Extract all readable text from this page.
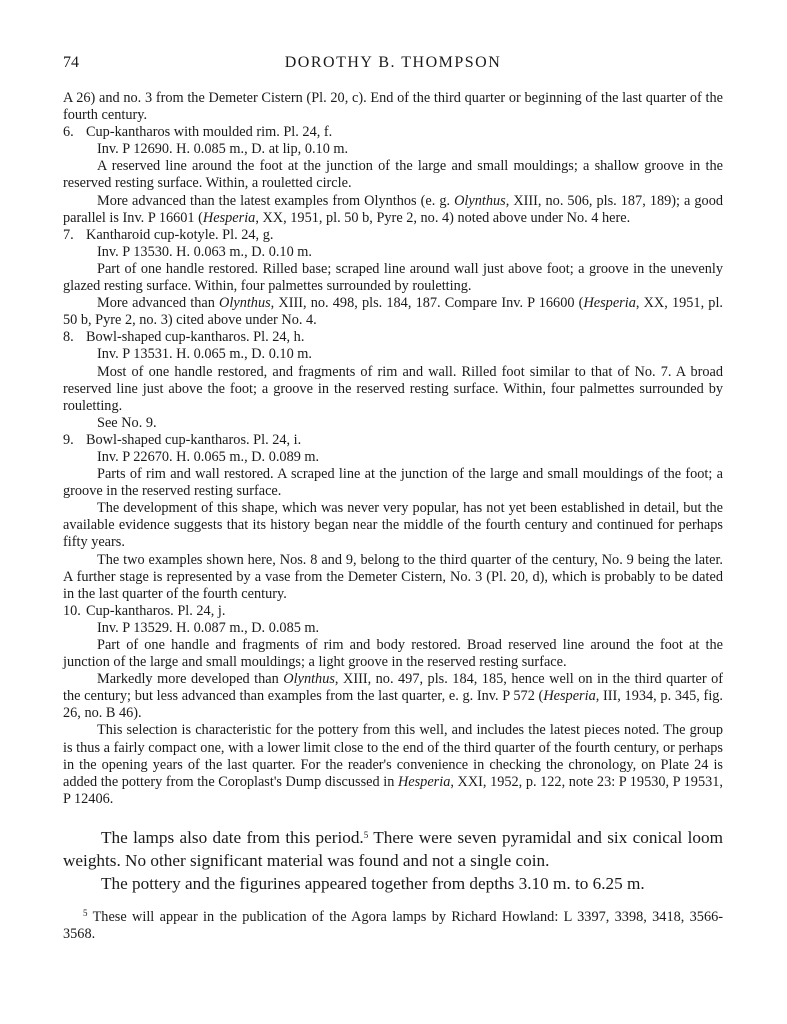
74	DOROTHY B. THOMPSON

A 26) and no. 3 from the Demeter Cistern (Pl. 20, c). End of the third quarter or beginning of the last quarter of the fourth century.

6. Cup-kantharos with moulded rim. Pl. 24, f.

Inv. P 12690. H. 0.085 m., D. at lip, 0.10 m.

A reserved line around the foot at the junction of the large and small mouldings; a shallow groove in the reserved resting surface. Within, a rouletted circle.

More advanced than the latest examples from Olynthos (e. g. Olynthus, XIII, no. 506, pls. 187, 189); a good parallel is Inv. P 16601 (Hesperia, XX, 1951, pl. 50 b, Pyre 2, no. 4) noted above under No. 4 here.

7. Kantharoid cup-kotyle. Pl. 24, g.

Inv. P 13530. H. 0.063 m., D. 0.10 m.

Part of one handle restored. Rilled base; scraped line around wall just above foot; a groove in the unevenly glazed resting surface. Within, four palmettes surrounded by rouletting.

More advanced than Olynthus, XIII, no. 498, pls. 184, 187. Compare Inv. P 16600 (Hesperia, XX, 1951, pl. 50 b, Pyre 2, no. 3) cited above under No. 4.

8. Bowl-shaped cup-kantharos. Pl. 24, h.

Inv. P 13531. H. 0.065 m., D. 0.10 m.

Most of one handle restored, and fragments of rim and wall. Rilled foot similar to that of No. 7. A broad reserved line just above the foot; a groove in the reserved resting surface. Within, four palmettes surrounded by rouletting.

See No. 9.

9. Bowl-shaped cup-kantharos. Pl. 24, i.

Inv. P 22670. H. 0.065 m., D. 0.089 m.

Parts of rim and wall restored. A scraped line at the junction of the large and small mouldings of the foot; a groove in the reserved resting surface.

The development of this shape, which was never very popular, has not yet been established in detail, but the available evidence suggests that its history began near the middle of the fourth century and continued for perhaps fifty years.

The two examples shown here, Nos. 8 and 9, belong to the third quarter of the century, No. 9 being the later. A further stage is represented by a vase from the Demeter Cistern, No. 3 (Pl. 20, d), which is probably to be dated in the last quarter of the fourth century.

10. Cup-kantharos. Pl. 24, j.

Inv. P 13529. H. 0.087 m., D. 0.085 m.

Part of one handle and fragments of rim and body restored. Broad reserved line around the foot at the junction of the large and small mouldings; a light groove in the reserved resting surface.

Markedly more developed than Olynthus, XIII, no. 497, pls. 184, 185, hence well on in the third quarter of the century; but less advanced than examples from the last quarter, e. g. Inv. P 572 (Hesperia, III, 1934, p. 345, fig. 26, no. B 46).

This selection is characteristic for the pottery from this well, and includes the latest pieces noted. The group is thus a fairly compact one, with a lower limit close to the end of the third quarter of the fourth century, or perhaps in the opening years of the last quarter. For the reader's convenience in checking the chronology, on Plate 24 is added the pottery from the Coroplast's Dump discussed in Hesperia, XXI, 1952, p. 122, note 23: P 19530, P 19531, P 12406.

The lamps also date from this period.$^5$ There were seven pyramidal and six conical loom weights. No other significant material was found and not a single coin.

The pottery and the figurines appeared together from depths 3.10 m. to 6.25 m.

$^5$ These will appear in the publication of the Agora lamps by Richard Howland: L 3397, 3398, 3418, 3566-3568.
